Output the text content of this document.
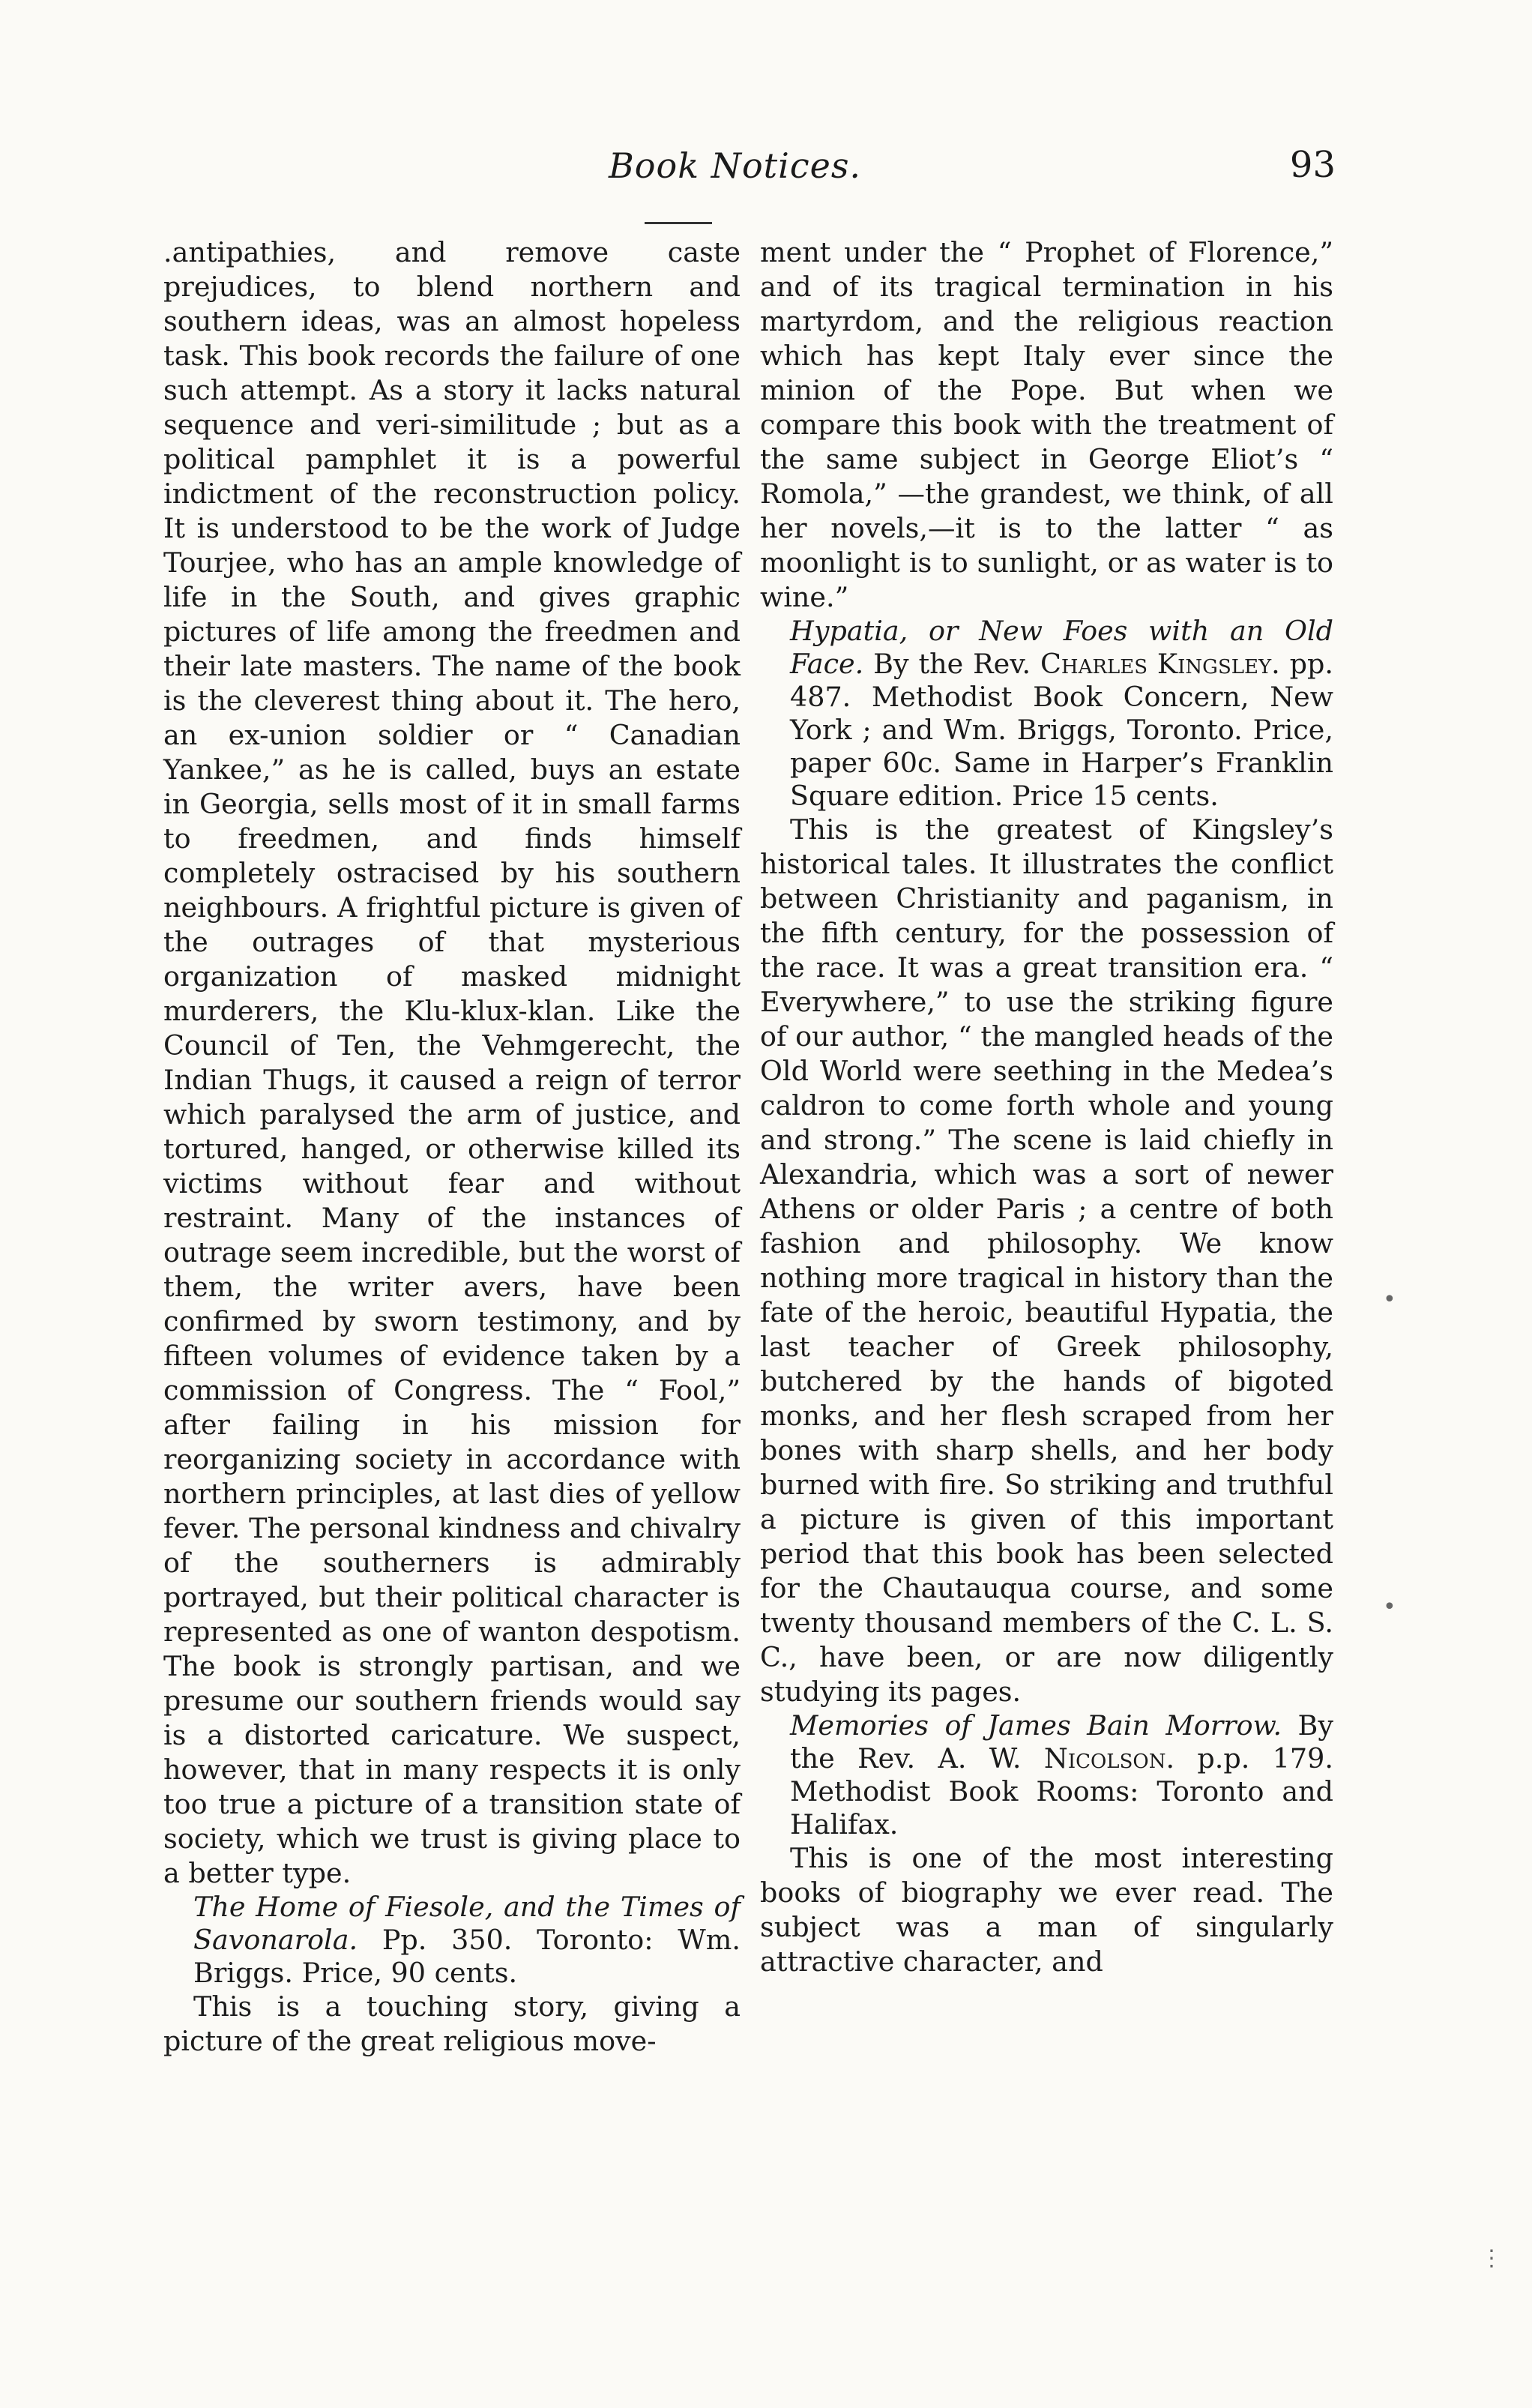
Book Notices.	93

.antipathies, and remove caste prejudices, to blend northern and southern ideas, was an almost hopeless task. This book records the failure of one such attempt. As a story it lacks natural sequence and veri-similitude ; but as a political pamphlet it is a powerful indictment of the reconstruction policy. It is understood to be the work of Judge Tourjee, who has an ample knowledge of life in the South, and gives graphic pictures of life among the freedmen and their late masters. The name of the book is the cleverest thing about it. The hero, an ex-union soldier or “ Canadian Yankee,” as he is called, buys an estate in Georgia, sells most of it in small farms to freedmen, and finds himself completely ostracised by his southern neighbours. A frightful picture is given of the outrages of that mysterious organization of masked midnight murderers, the Klu-klux-klan. Like the Council of Ten, the Vehmgerecht, the Indian Thugs, it caused a reign of terror which paralysed the arm of justice, and tortured, hanged, or otherwise killed its victims without fear and without restraint. Many of the instances of outrage seem incredible, but the worst of them, the writer avers, have been confirmed by sworn testimony, and by fifteen volumes of evidence taken by a commission of Congress. The “ Fool,” after failing in his mission for reorganizing society in accordance with northern principles, at last dies of yellow fever. The personal kindness and chivalry of the southerners is admirably portrayed, but their political character is represented as one of wanton despotism. The book is strongly partisan, and we presume our southern friends would say is a distorted caricature. We suspect, however, that in many respects it is only too true a picture of a transition state of society, which we trust is giving place to a better type.

The Home of Fiesole, and the Times of Savonarola. Pp. 350. Toronto: Wm. Briggs. Price, 90 cents.

This is a touching story, giving a picture of the great religious move-

ment under the “ Prophet of Florence,” and of its tragical termination in his martyrdom, and the religious reaction which has kept Italy ever since the minion of the Pope. But when we compare this book with the treatment of the same subject in George Eliot’s “ Romola,” —the grandest, we think, of all her novels,—it is to the latter “ as moonlight is to sunlight, or as water is to wine.”

Hypatia, or New Foes with an Old Face. By the Rev. Charles Kingsley. pp. 487. Methodist Book Concern, New York ; and Wm. Briggs, Toronto. Price, paper 60c. Same in Harper’s Franklin Square edition. Price 15 cents.

This is the greatest of Kingsley’s historical tales. It illustrates the conflict between Christianity and paganism, in the fifth century, for the possession of the race. It was a great transition era. “ Everywhere,” to use the striking figure of our author, “ the mangled heads of the Old World were seething in the Medea’s caldron to come forth whole and young and strong.” The scene is laid chiefly in Alexandria, which was a sort of newer Athens or older Paris ; a centre of both fashion and philosophy. We know nothing more tragical in history than the fate of the heroic, beautiful Hypatia, the last teacher of Greek philosophy, butchered by the hands of bigoted monks, and her flesh scraped from her bones with sharp shells, and her body burned with fire. So striking and truthful a picture is given of this important period that this book has been selected for the Chautauqua course, and some twenty thousand members of the C. L. S. C., have been, or are now diligently studying its pages.

Memories of James Bain Morrow. By the Rev. A. W. Nicolson. p.p. 179. Methodist Book Rooms: Toronto and Halifax.

This is one of the most interesting books of biography we ever read. The subject was a man of singularly attractive character, and

•
•
⋮
